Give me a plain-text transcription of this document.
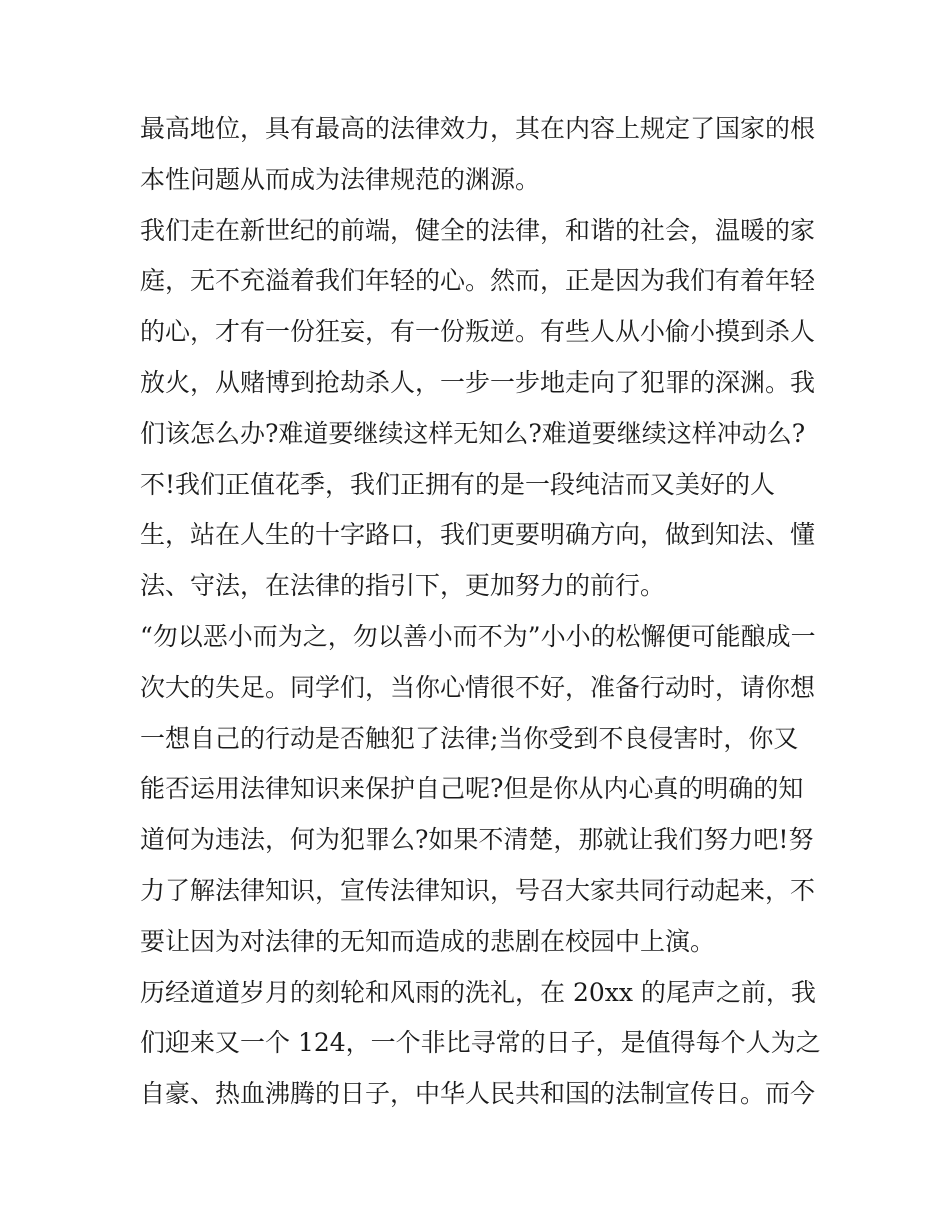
最高地位，具有最高的法律效力，其在内容上规定了国家的根
本性问题从而成为法律规范的渊源。
我们走在新世纪的前端，健全的法律，和谐的社会，温暖的家
庭，无不充溢着我们年轻的心。然而，正是因为我们有着年轻
的心，才有一份狂妄，有一份叛逆。有些人从小偷小摸到杀人
放火，从赌博到抢劫杀人，一步一步地走向了犯罪的深渊。我
们该怎么办?难道要继续这样无知么?难道要继续这样冲动么?
不!我们正值花季，我们正拥有的是一段纯洁而又美好的人
生，站在人生的十字路口，我们更要明确方向，做到知法、懂
法、守法，在法律的指引下，更加努力的前行。
“勿以恶小而为之，勿以善小而不为”小小的松懈便可能酿成一
次大的失足。同学们，当你心情很不好，准备行动时，请你想
一想自己的行动是否触犯了法律;当你受到不良侵害时，你又
能否运用法律知识来保护自己呢?但是你从内心真的明确的知
道何为违法，何为犯罪么?如果不清楚，那就让我们努力吧!努
力了解法律知识，宣传法律知识，号召大家共同行动起来，不
要让因为对法律的无知而造成的悲剧在校园中上演。
历经道道岁月的刻轮和风雨的洗礼，在 20xx 的尾声之前，我
们迎来又一个 124，一个非比寻常的日子，是值得每个人为之
自豪、热血沸腾的日子，中华人民共和国的法制宣传日。而今
